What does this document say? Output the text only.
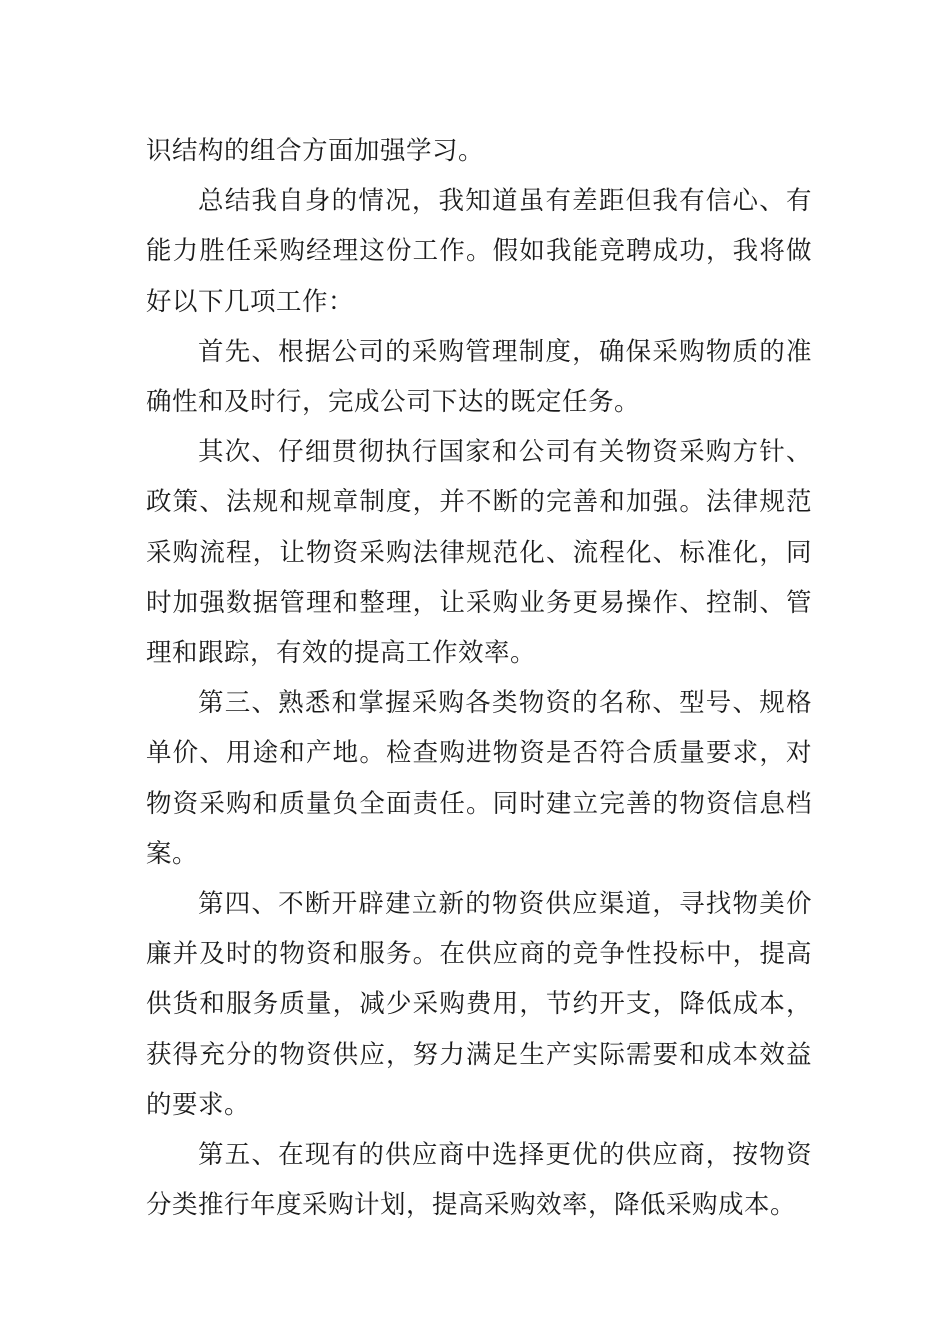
识结构的组合方面加强学习。

总结我自身的情况，我知道虽有差距但我有信心、有能力胜任采购经理这份工作。假如我能竞聘成功，我将做好以下几项工作：

首先、根据公司的采购管理制度，确保采购物质的准确性和及时行，完成公司下达的既定任务。

其次、仔细贯彻执行国家和公司有关物资采购方针、政策、法规和规章制度，并不断的完善和加强。法律规范采购流程，让物资采购法律规范化、流程化、标准化，同时加强数据管理和整理，让采购业务更易操作、控制、管理和跟踪，有效的提高工作效率。

第三、熟悉和掌握采购各类物资的名称、型号、规格单价、用途和产地。检查购进物资是否符合质量要求，对物资采购和质量负全面责任。同时建立完善的物资信息档案。

第四、不断开辟建立新的物资供应渠道，寻找物美价廉并及时的物资和服务。在供应商的竞争性投标中，提高供货和服务质量，减少采购费用，节约开支，降低成本，获得充分的物资供应，努力满足生产实际需要和成本效益的要求。

第五、在现有的供应商中选择更优的供应商，按物资分类推行年度采购计划，提高采购效率，降低采购成本。
